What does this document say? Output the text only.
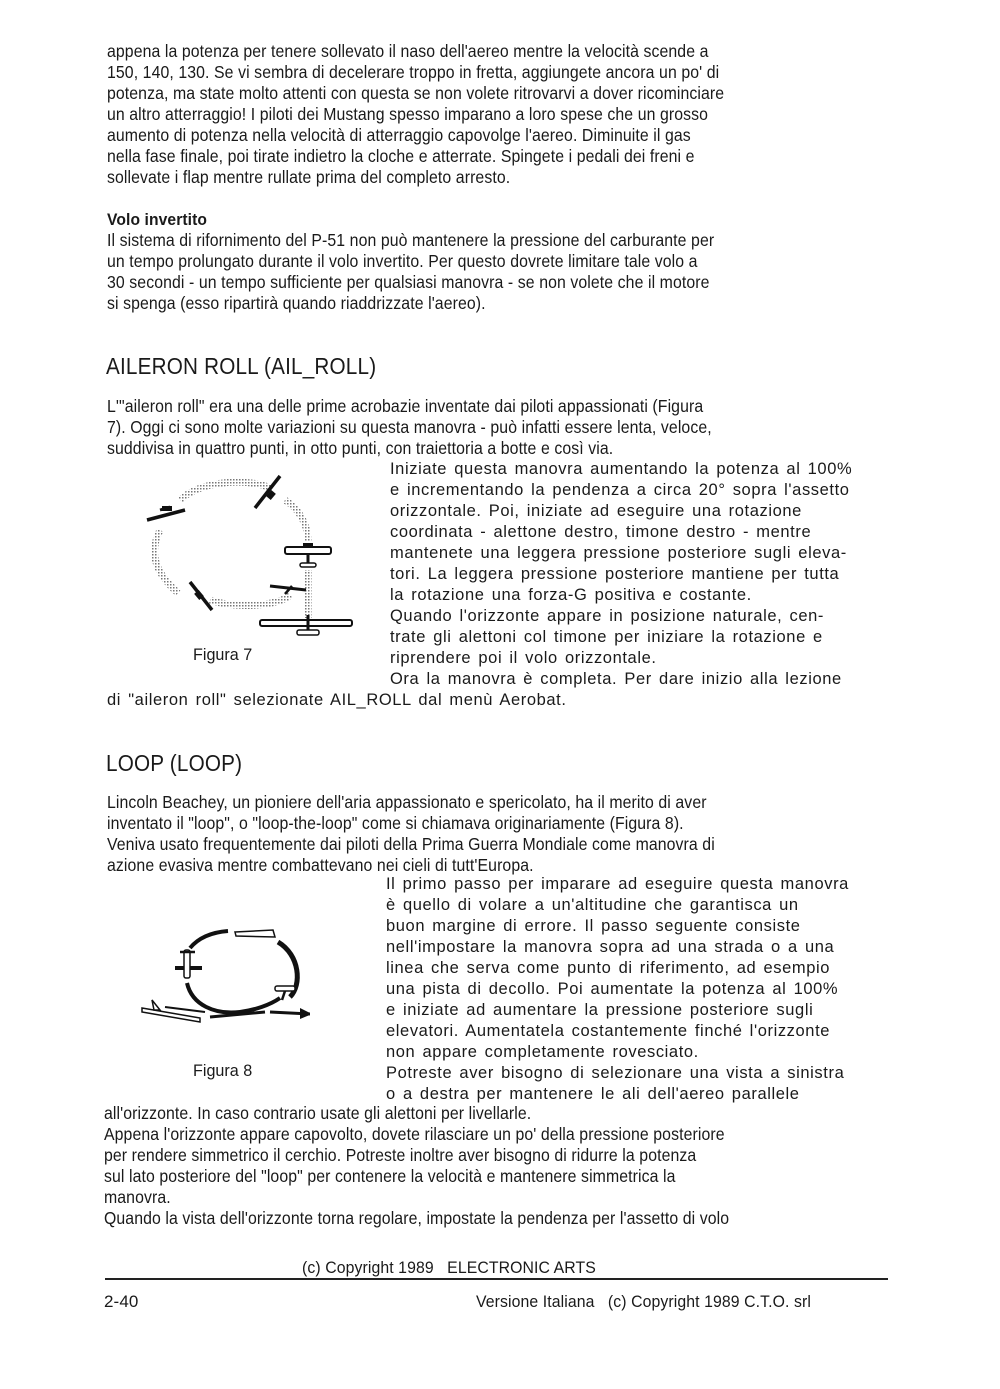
appena la potenza per tenere sollevato il naso dell'aereo mentre la velocità scende a
150, 140, 130. Se vi sembra di decelerare troppo in fretta, aggiungete ancora un po' di
potenza, ma state molto attenti con questa se non volete ritrovarvi a dover ricominciare
un altro atterraggio! I piloti dei Mustang spesso imparano a loro spese che un grosso
aumento di potenza nella velocità di atterraggio capovolge l'aereo. Diminuite il gas
nella fase finale, poi tirate indietro la cloche e atterrate. Spingete i pedali dei freni e
sollevate i flap mentre rullate prima del completo arresto.
Volo invertito
Il sistema di rifornimento del P-51 non può mantenere la pressione del carburante per
un tempo prolungato durante il volo invertito. Per questo dovrete limitare tale volo a
30 secondi - un tempo sufficiente per qualsiasi manovra - se non volete che il motore
si spenga (esso ripartirà quando riaddrizzate l'aereo).
AILERON ROLL (AIL_ROLL)
L'"aileron roll" era una delle prime acrobazie inventate dai piloti appassionati (Figura
7). Oggi ci sono molte variazioni su questa manovra - può infatti essere lenta, veloce,
suddivisa in quattro punti, in otto punti, con traiettoria a botte e così via.
Figura 7
Iniziate questa manovra aumentando la potenza al 100%
e incrementando la pendenza a circa 20° sopra l'assetto
orizzontale. Poi, iniziate ad eseguire una rotazione
coordinata - alettone destro, timone destro - mentre
mantenete una leggera pressione posteriore sugli eleva-
tori. La leggera pressione posteriore mantiene per tutta
la rotazione una forza-G positiva e costante.
Quando l'orizzonte appare in posizione naturale, cen-
trate gli alettoni col timone per iniziare la rotazione e
riprendere poi il volo orizzontale.
Ora la manovra è completa. Per dare inizio alla lezione
di "aileron roll" selezionate AIL_ROLL dal menù Aerobat.
LOOP (LOOP)
Lincoln Beachey, un pioniere dell'aria appassionato e spericolato, ha il merito di aver
inventato il "loop", o "loop-the-loop" come si chiamava originariamente (Figura 8).
Veniva usato frequentemente dai piloti della Prima Guerra Mondiale come manovra di
azione evasiva mentre combattevano nei cieli di tutt'Europa.
Figura 8
Il primo passo per imparare ad eseguire questa manovra
è quello di volare a un'altitudine che garantisca un
buon margine di errore. Il passo seguente consiste
nell'impostare la manovra sopra ad una strada o a una
linea che serva come punto di riferimento, ad esempio
una pista di decollo. Poi aumentate la potenza al 100%
e iniziate ad aumentare la pressione posteriore sugli
elevatori. Aumentatela costantemente finché l'orizzonte
non appare completamente rovesciato.
Potreste aver bisogno di selezionare una vista a sinistra
o a destra per mantenere le ali dell'aereo parallele
all'orizzonte. In caso contrario usate gli alettoni per livellarle.
Appena l'orizzonte appare capovolto, dovete rilasciare un po' della pressione posteriore
per rendere simmetrico il cerchio. Potreste inoltre aver bisogno di ridurre la potenza
sul lato posteriore del "loop" per contenere la velocità e mantenere simmetrica la
manovra.
Quando la vista dell'orizzonte torna regolare, impostate la pendenza per l'assetto di volo
(c) Copyright 1989   ELECTRONIC ARTS
2-40	Versione Italiana   (c) Copyright 1989 C.T.O. srl
